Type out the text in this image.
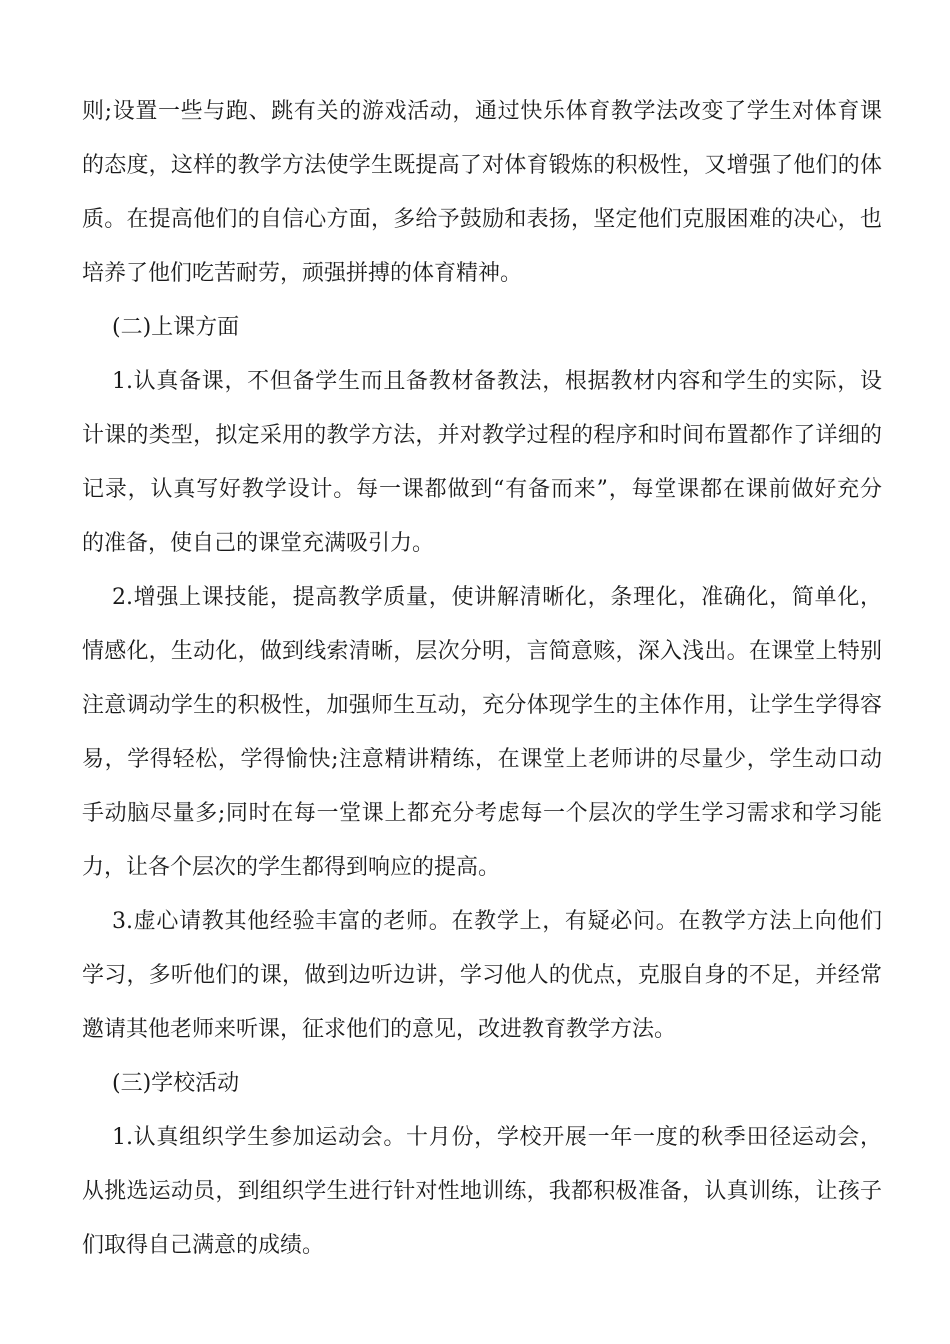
则;设置一些与跑、跳有关的游戏活动，通过快乐体育教学法改变了学生对体育课
的态度，这样的教学方法使学生既提高了对体育锻炼的积极性，又增强了他们的体
质。在提高他们的自信心方面，多给予鼓励和表扬，坚定他们克服困难的决心，也
培养了他们吃苦耐劳，顽强拼搏的体育精神。
(二)上课方面
1.认真备课，不但备学生而且备教材备教法，根据教材内容和学生的实际，设
计课的类型，拟定采用的教学方法，并对教学过程的程序和时间布置都作了详细的
记录，认真写好教学设计。每一课都做到“有备而来”，每堂课都在课前做好充分
的准备，使自己的课堂充满吸引力。
2.增强上课技能，提高教学质量，使讲解清晰化，条理化，准确化，简单化，
情感化，生动化，做到线索清晰，层次分明，言简意赅，深入浅出。在课堂上特别
注意调动学生的积极性，加强师生互动，充分体现学生的主体作用，让学生学得容
易，学得轻松，学得愉快;注意精讲精练，在课堂上老师讲的尽量少，学生动口动
手动脑尽量多;同时在每一堂课上都充分考虑每一个层次的学生学习需求和学习能
力，让各个层次的学生都得到响应的提高。
3.虚心请教其他经验丰富的老师。在教学上，有疑必问。在教学方法上向他们
学习，多听他们的课，做到边听边讲，学习他人的优点，克服自身的不足，并经常
邀请其他老师来听课，征求他们的意见，改进教育教学方法。
(三)学校活动
1.认真组织学生参加运动会。十月份，学校开展一年一度的秋季田径运动会，
从挑选运动员，到组织学生进行针对性地训练，我都积极准备，认真训练，让孩子
们取得自己满意的成绩。
